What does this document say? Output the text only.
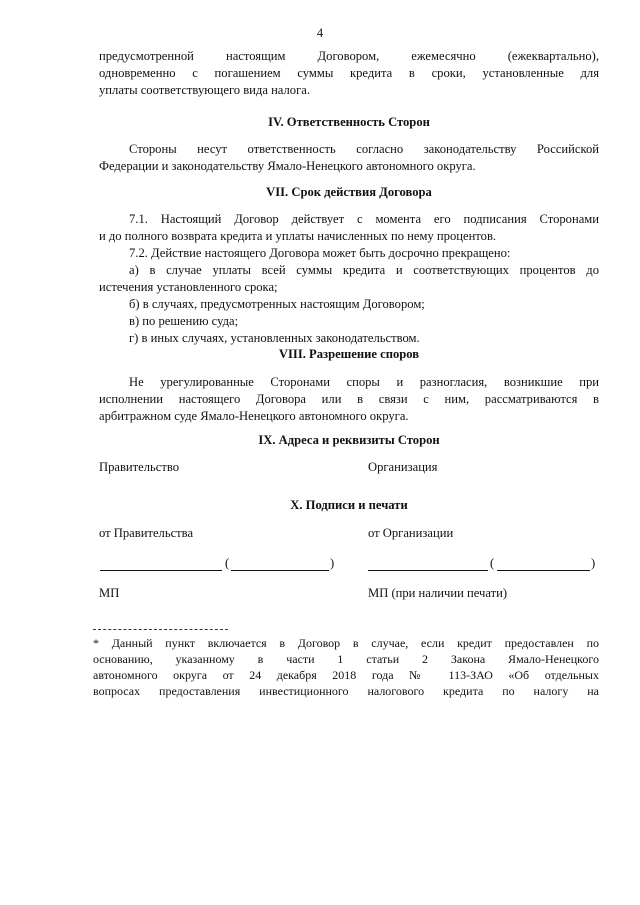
4
предусмотренной настоящим Договором, ежемесячно (ежеквартально),
одновременно с погашением суммы кредита в сроки, установленные для
уплаты соответствующего вида налога.
IV. Ответственность Сторон
Стороны несут ответственность согласно законодательству Российской
Федерации и законодательству Ямало-Ненецкого автономного округа.
VII. Срок действия Договора
7.1. Настоящий Договор действует с момента его подписания Сторонами
и до полного возврата кредита и уплаты начисленных по нему процентов.
7.2. Действие настоящего Договора может быть досрочно прекращено:
а) в случае уплаты всей суммы кредита и соответствующих процентов до
истечения установленного срока;
б) в случаях, предусмотренных настоящим Договором;
в) по решению суда;
г) в иных случаях, установленных законодательством.
VIII. Разрешение споров
Не урегулированные Сторонами споры и разногласия, возникшие при
исполнении настоящего Договора или в связи с ним, рассматриваются в
арбитражном суде Ямало-Ненецкого автономного округа.
IX. Адреса и реквизиты Сторон
Правительство	Организация
X. Подписи и печати
от Правительства	от Организации
(	)	(	)
МП	МП (при наличии печати)
* Данный пункт включается в Договор в случае, если кредит предоставлен по
основанию, указанному в части 1 статьи 2 Закона Ямало-Ненецкого
автономного округа от 24 декабря 2018 года № 113-ЗАО «Об отдельных
вопросах предоставления инвестиционного налогового кредита по налогу на
